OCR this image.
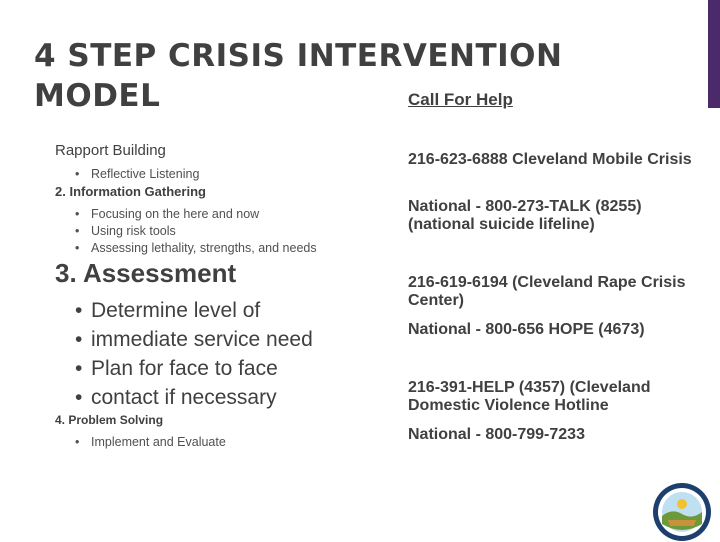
4 STEP CRISIS INTERVENTION
MODEL	Call For Help
Rapport Building
• Reflective Listening
2. Information Gathering
• Focusing on the here and now
• Using risk tools
• Assessing lethality, strengths, and needs
3. Assessment
• Determine level of
• immediate service need
• Plan for face to face
• contact if necessary
4. Problem Solving
• Implement and Evaluate
216-623-6888 Cleveland Mobile Crisis
National - 800-273-TALK (8255) (national suicide lifeline)
216-619-6194 (Cleveland Rape Crisis Center)
National - 800-656 HOPE (4673)
216-391-HELP (4357) (Cleveland Domestic Violence Hotline
National - 800-799-7233
